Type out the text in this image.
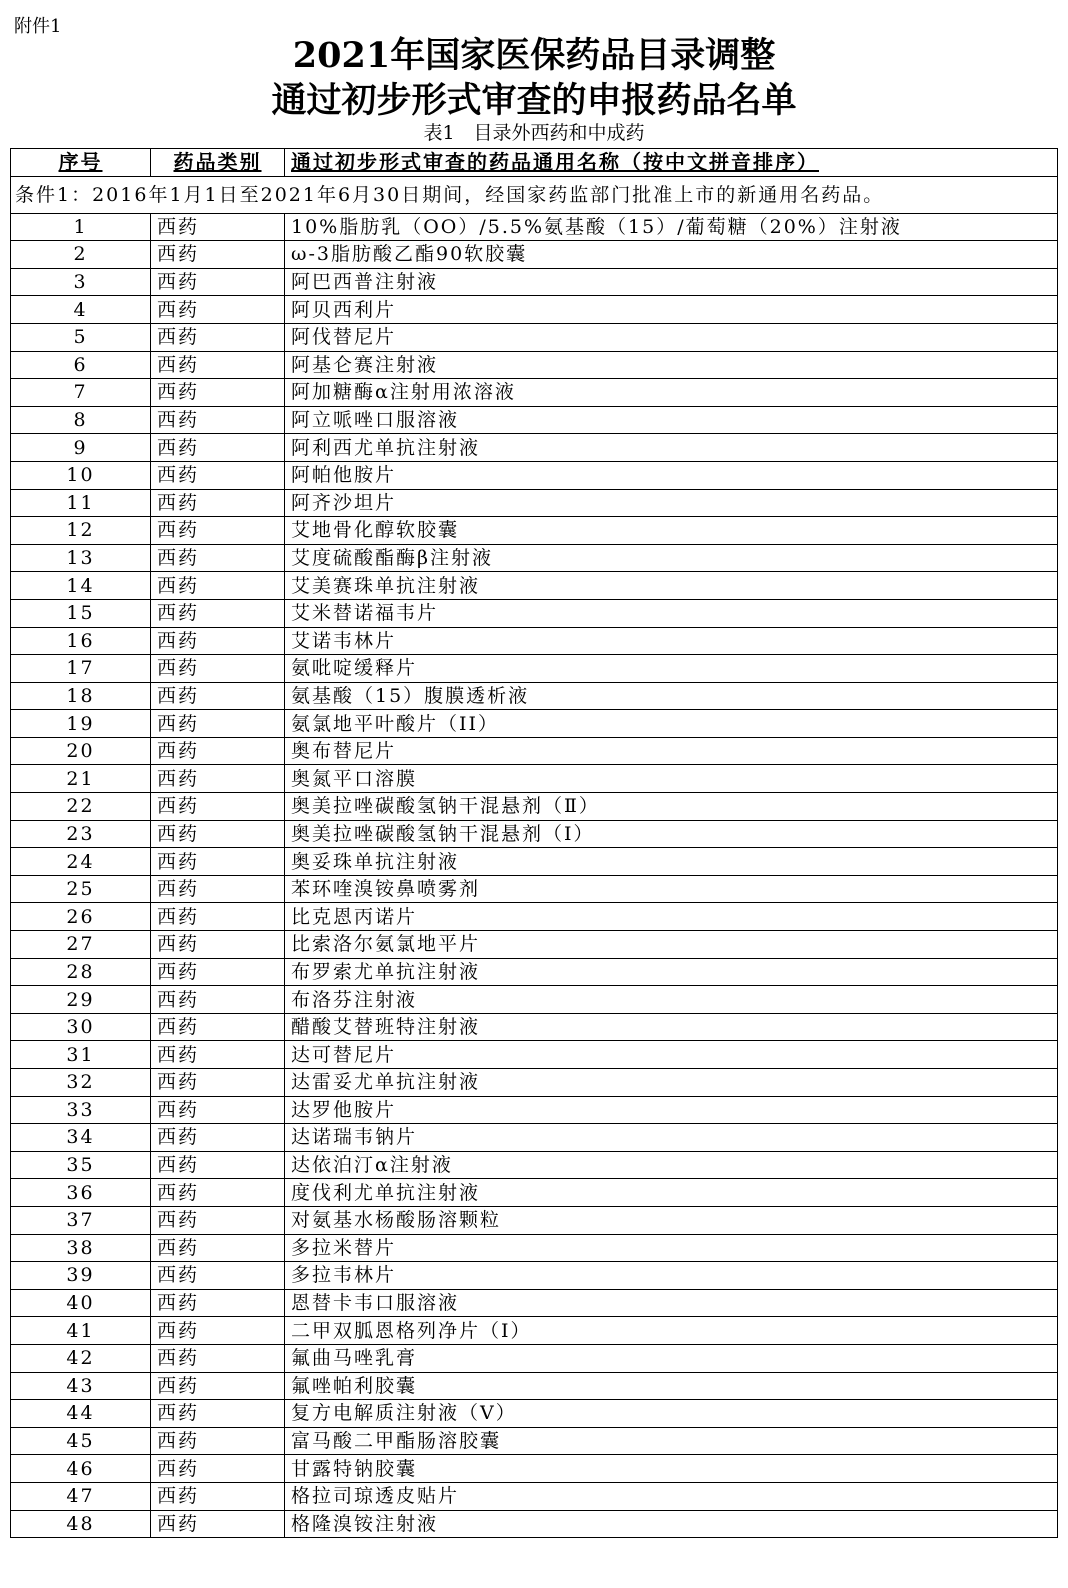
附件1
2021年国家医保药品目录调整
通过初步形式审查的申报药品名单
表1　目录外西药和中成药
序号	药品类别	通过初步形式审查的药品通用名称（按中文拼音排序）
条件1：2016年1月1日至2021年6月30日期间，经国家药监部门批准上市的新通用名药品。		
1	西药	10%脂肪乳（OO）/5.5%氨基酸（15）/葡萄糖（20%）注射液
2	西药	ω-3脂肪酸乙酯90软胶囊
3	西药	阿巴西普注射液
4	西药	阿贝西利片
5	西药	阿伐替尼片
6	西药	阿基仑赛注射液
7	西药	阿加糖酶α注射用浓溶液
8	西药	阿立哌唑口服溶液
9	西药	阿利西尤单抗注射液
10	西药	阿帕他胺片
11	西药	阿齐沙坦片
12	西药	艾地骨化醇软胶囊
13	西药	艾度硫酸酯酶β注射液
14	西药	艾美赛珠单抗注射液
15	西药	艾米替诺福韦片
16	西药	艾诺韦林片
17	西药	氨吡啶缓释片
18	西药	氨基酸（15）腹膜透析液
19	西药	氨氯地平叶酸片（II）
20	西药	奥布替尼片
21	西药	奥氮平口溶膜
22	西药	奥美拉唑碳酸氢钠干混悬剂（Ⅱ）
23	西药	奥美拉唑碳酸氢钠干混悬剂（I）
24	西药	奥妥珠单抗注射液
25	西药	苯环喹溴铵鼻喷雾剂
26	西药	比克恩丙诺片
27	西药	比索洛尔氨氯地平片
28	西药	布罗索尤单抗注射液
29	西药	布洛芬注射液
30	西药	醋酸艾替班特注射液
31	西药	达可替尼片
32	西药	达雷妥尤单抗注射液
33	西药	达罗他胺片
34	西药	达诺瑞韦钠片
35	西药	达依泊汀α注射液
36	西药	度伐利尤单抗注射液
37	西药	对氨基水杨酸肠溶颗粒
38	西药	多拉米替片
39	西药	多拉韦林片
40	西药	恩替卡韦口服溶液
41	西药	二甲双胍恩格列净片（Ⅰ）
42	西药	氟曲马唑乳膏
43	西药	氟唑帕利胶囊
44	西药	复方电解质注射液（Ⅴ）
45	西药	富马酸二甲酯肠溶胶囊
46	西药	甘露特钠胶囊
47	西药	格拉司琼透皮贴片
48	西药	格隆溴铵注射液
